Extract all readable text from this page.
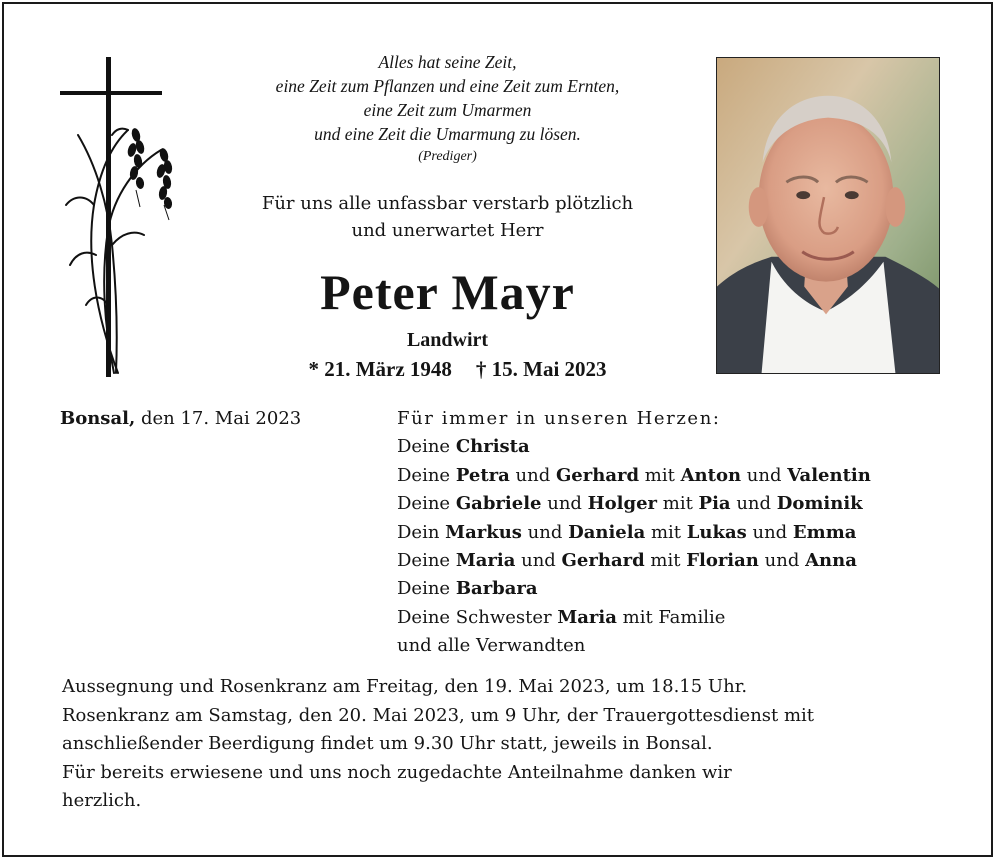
Alles hat seine Zeit,
eine Zeit zum Pflanzen und eine Zeit zum Ernten,
eine Zeit zum Umarmen
und eine Zeit die Umarmung zu lösen.
(Prediger)
Für uns alle unfassbar verstarb plötzlich
und unerwartet Herr
Peter Mayr
Landwirt
* 21. März 1948 † 15. Mai 2023
Bonsal, den 17. Mai 2023	Für immer in unseren Herzen:
Deine Christa
Deine Petra und Gerhard mit Anton und Valentin
Deine Gabriele und Holger mit Pia und Dominik
Dein Markus und Daniela mit Lukas und Emma
Deine Maria und Gerhard mit Florian und Anna
Deine Barbara
Deine Schwester Maria mit Familie
und alle Verwandten

Aussegnung und Rosenkranz am Freitag, den 19. Mai 2023, um 18.15 Uhr.

Rosenkranz am Samstag, den 20. Mai 2023, um 9 Uhr, der Trauergottesdienst mit

anschließender Beerdigung findet um 9.30 Uhr statt, jeweils in Bonsal.

Für bereits erwiesene und uns noch zugedachte Anteilnahme danken wir

herzlich.
